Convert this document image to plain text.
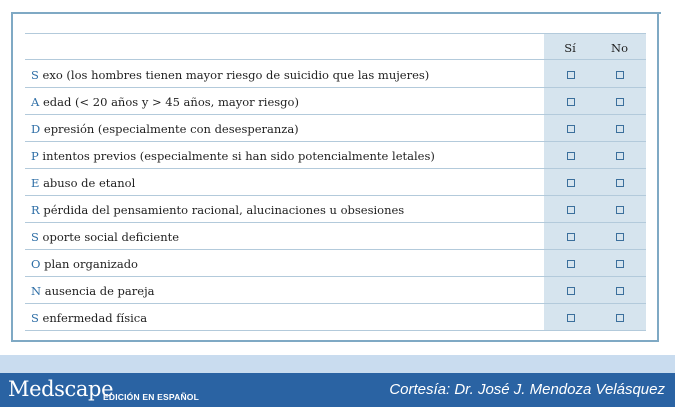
Sí	No
S exo (los hombres tienen mayor riesgo de suicidio que las mujeres)
A edad (< 20 años y > 45 años, mayor riesgo)
D epresión (especialmente con desesperanza)
P intentos previos (especialmente si han sido potencialmente letales)
E abuso de etanol
R pérdida del pensamiento racional, alucinaciones u obsesiones
S oporte social deficiente
O plan organizado
N ausencia de pareja
S enfermedad física
Medscape
EDICIÓN EN ESPAÑOL	Cortesía: Dr. José J. Mendoza Velásquez
